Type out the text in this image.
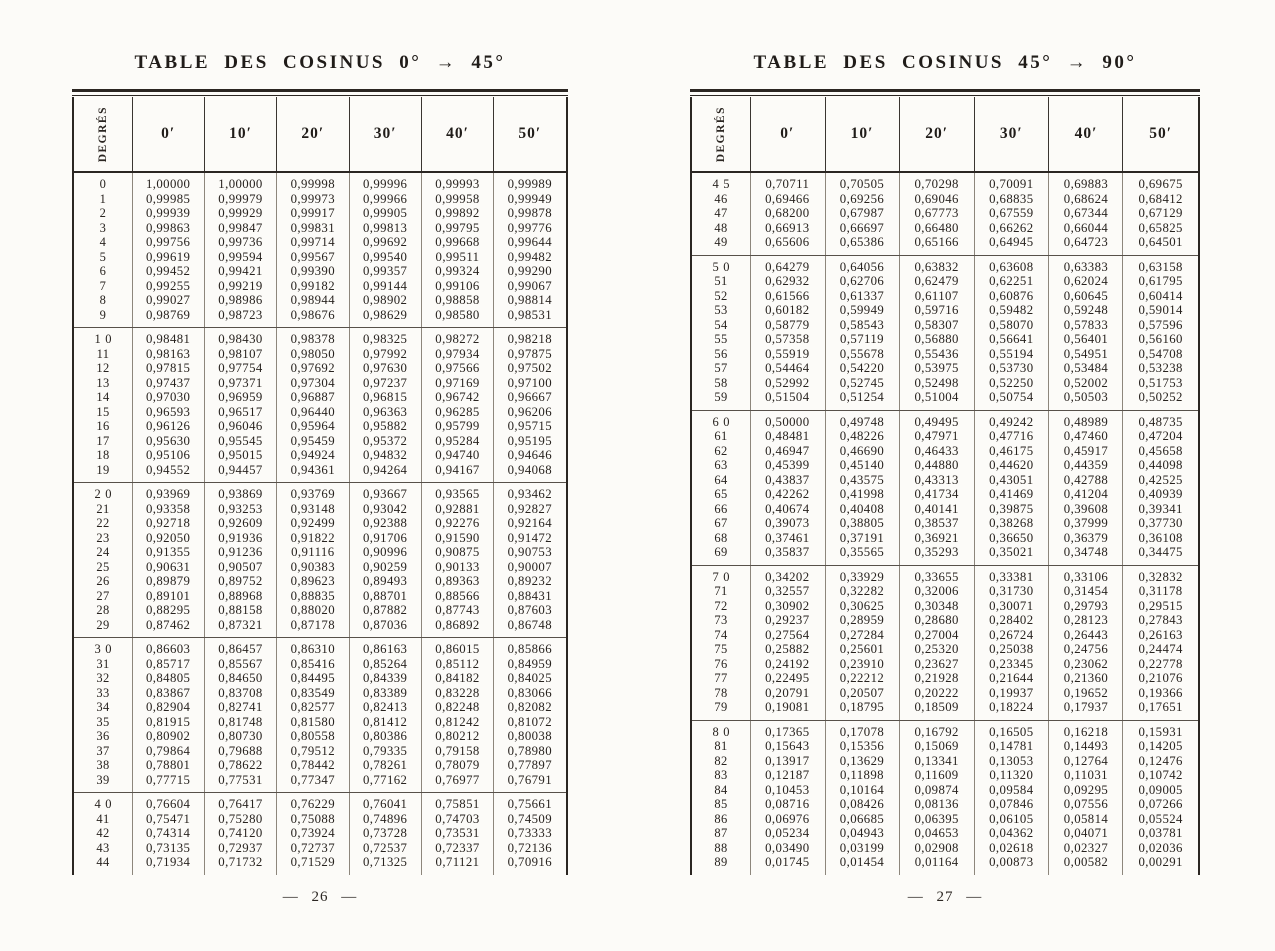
TABLE DES COSINUS 0° → 45°
DEGRÉS	0′	10′	20′	30′	40′	50′
0	1,00000	1,00000	0,99998	0,99996	0,99993	0,99989
1	0,99985	0,99979	0,99973	0,99966	0,99958	0,99949
2	0,99939	0,99929	0,99917	0,99905	0,99892	0,99878
3	0,99863	0,99847	0,99831	0,99813	0,99795	0,99776
4	0,99756	0,99736	0,99714	0,99692	0,99668	0,99644
5	0,99619	0,99594	0,99567	0,99540	0,99511	0,99482
6	0,99452	0,99421	0,99390	0,99357	0,99324	0,99290
7	0,99255	0,99219	0,99182	0,99144	0,99106	0,99067
8	0,99027	0,98986	0,98944	0,98902	0,98858	0,98814
9	0,98769	0,98723	0,98676	0,98629	0,98580	0,98531
10	0,98481	0,98430	0,98378	0,98325	0,98272	0,98218
11	0,98163	0,98107	0,98050	0,97992	0,97934	0,97875
12	0,97815	0,97754	0,97692	0,97630	0,97566	0,97502
13	0,97437	0,97371	0,97304	0,97237	0,97169	0,97100
14	0,97030	0,96959	0,96887	0,96815	0,96742	0,96667
15	0,96593	0,96517	0,96440	0,96363	0,96285	0,96206
16	0,96126	0,96046	0,95964	0,95882	0,95799	0,95715
17	0,95630	0,95545	0,95459	0,95372	0,95284	0,95195
18	0,95106	0,95015	0,94924	0,94832	0,94740	0,94646
19	0,94552	0,94457	0,94361	0,94264	0,94167	0,94068
20	0,93969	0,93869	0,93769	0,93667	0,93565	0,93462
21	0,93358	0,93253	0,93148	0,93042	0,92881	0,92827
22	0,92718	0,92609	0,92499	0,92388	0,92276	0,92164
23	0,92050	0,91936	0,91822	0,91706	0,91590	0,91472
24	0,91355	0,91236	0,91116	0,90996	0,90875	0,90753
25	0,90631	0,90507	0,90383	0,90259	0,90133	0,90007
26	0,89879	0,89752	0,89623	0,89493	0,89363	0,89232
27	0,89101	0,88968	0,88835	0,88701	0,88566	0,88431
28	0,88295	0,88158	0,88020	0,87882	0,87743	0,87603
29	0,87462	0,87321	0,87178	0,87036	0,86892	0,86748
30	0,86603	0,86457	0,86310	0,86163	0,86015	0,85866
31	0,85717	0,85567	0,85416	0,85264	0,85112	0,84959
32	0,84805	0,84650	0,84495	0,84339	0,84182	0,84025
33	0,83867	0,83708	0,83549	0,83389	0,83228	0,83066
34	0,82904	0,82741	0,82577	0,82413	0,82248	0,82082
35	0,81915	0,81748	0,81580	0,81412	0,81242	0,81072
36	0,80902	0,80730	0,80558	0,80386	0,80212	0,80038
37	0,79864	0,79688	0,79512	0,79335	0,79158	0,78980
38	0,78801	0,78622	0,78442	0,78261	0,78079	0,77897
39	0,77715	0,77531	0,77347	0,77162	0,76977	0,76791
40	0,76604	0,76417	0,76229	0,76041	0,75851	0,75661
41	0,75471	0,75280	0,75088	0,74896	0,74703	0,74509
42	0,74314	0,74120	0,73924	0,73728	0,73531	0,73333
43	0,73135	0,72937	0,72737	0,72537	0,72337	0,72136
44	0,71934	0,71732	0,71529	0,71325	0,71121	0,70916
— 26 —
TABLE DES COSINUS 45° → 90°
DEGRÉS	0′	10′	20′	30′	40′	50′
45	0,70711	0,70505	0,70298	0,70091	0,69883	0,69675
46	0,69466	0,69256	0,69046	0,68835	0,68624	0,68412
47	0,68200	0,67987	0,67773	0,67559	0,67344	0,67129
48	0,66913	0,66697	0,66480	0,66262	0,66044	0,65825
49	0,65606	0,65386	0,65166	0,64945	0,64723	0,64501
50	0,64279	0,64056	0,63832	0,63608	0,63383	0,63158
51	0,62932	0,62706	0,62479	0,62251	0,62024	0,61795
52	0,61566	0,61337	0,61107	0,60876	0,60645	0,60414
53	0,60182	0,59949	0,59716	0,59482	0,59248	0,59014
54	0,58779	0,58543	0,58307	0,58070	0,57833	0,57596
55	0,57358	0,57119	0,56880	0,56641	0,56401	0,56160
56	0,55919	0,55678	0,55436	0,55194	0,54951	0,54708
57	0,54464	0,54220	0,53975	0,53730	0,53484	0,53238
58	0,52992	0,52745	0,52498	0,52250	0,52002	0,51753
59	0,51504	0,51254	0,51004	0,50754	0,50503	0,50252
60	0,50000	0,49748	0,49495	0,49242	0,48989	0,48735
61	0,48481	0,48226	0,47971	0,47716	0,47460	0,47204
62	0,46947	0,46690	0,46433	0,46175	0,45917	0,45658
63	0,45399	0,45140	0,44880	0,44620	0,44359	0,44098
64	0,43837	0,43575	0,43313	0,43051	0,42788	0,42525
65	0,42262	0,41998	0,41734	0,41469	0,41204	0,40939
66	0,40674	0,40408	0,40141	0,39875	0,39608	0,39341
67	0,39073	0,38805	0,38537	0,38268	0,37999	0,37730
68	0,37461	0,37191	0,36921	0,36650	0,36379	0,36108
69	0,35837	0,35565	0,35293	0,35021	0,34748	0,34475
70	0,34202	0,33929	0,33655	0,33381	0,33106	0,32832
71	0,32557	0,32282	0,32006	0,31730	0,31454	0,31178
72	0,30902	0,30625	0,30348	0,30071	0,29793	0,29515
73	0,29237	0,28959	0,28680	0,28402	0,28123	0,27843
74	0,27564	0,27284	0,27004	0,26724	0,26443	0,26163
75	0,25882	0,25601	0,25320	0,25038	0,24756	0,24474
76	0,24192	0,23910	0,23627	0,23345	0,23062	0,22778
77	0,22495	0,22212	0,21928	0,21644	0,21360	0,21076
78	0,20791	0,20507	0,20222	0,19937	0,19652	0,19366
79	0,19081	0,18795	0,18509	0,18224	0,17937	0,17651
80	0,17365	0,17078	0,16792	0,16505	0,16218	0,15931
81	0,15643	0,15356	0,15069	0,14781	0,14493	0,14205
82	0,13917	0,13629	0,13341	0,13053	0,12764	0,12476
83	0,12187	0,11898	0,11609	0,11320	0,11031	0,10742
84	0,10453	0,10164	0,09874	0,09584	0,09295	0,09005
85	0,08716	0,08426	0,08136	0,07846	0,07556	0,07266
86	0,06976	0,06685	0,06395	0,06105	0,05814	0,05524
87	0,05234	0,04943	0,04653	0,04362	0,04071	0,03781
88	0,03490	0,03199	0,02908	0,02618	0,02327	0,02036
89	0,01745	0,01454	0,01164	0,00873	0,00582	0,00291
— 27 —
